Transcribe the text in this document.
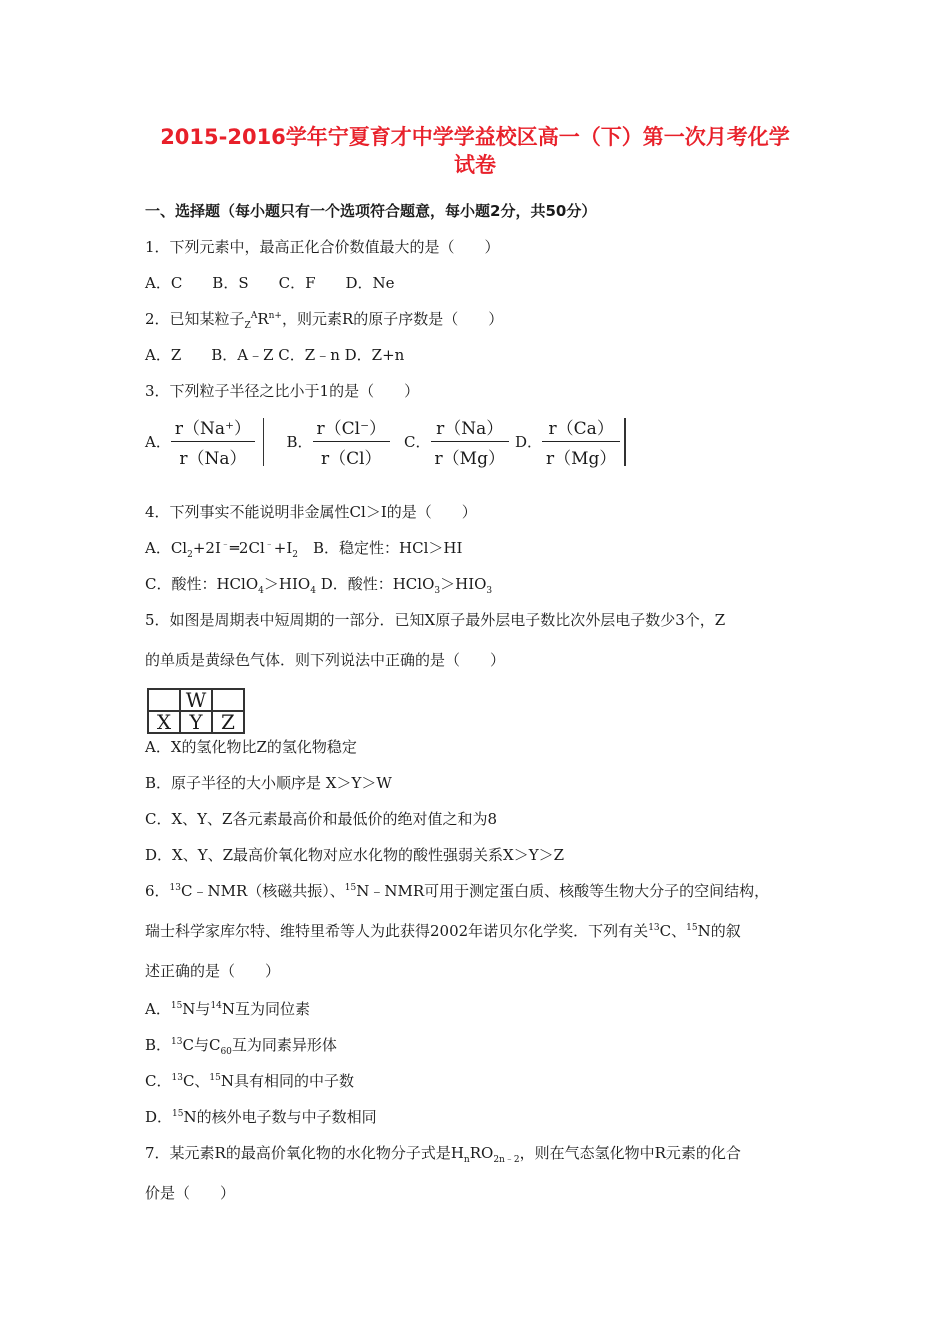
2015-2016学年宁夏育才中学学益校区高一（下）第一次月考化学
试卷
一、选择题（每小题只有一个选项符合题意，每小题2分，共50分）
1．下列元素中，最高正化合价数值最大的是（　　）
A．C　　B．S　　C．F　　D．Ne
2．已知某粒子$_Z^AR^{n+}$，则元素R的原子序数是（　　）
A．Z　　B．A﹣Z C．Z﹣n D．Z+n
3．下列粒子半径之比小于1的是（　　）
A． $\frac{r(Na^+)}{r(Na)}$ B． $\frac{r(Cl^-)}{r(Cl)}$ C． $\frac{r(Na)}{r(Mg)}$ D． $\frac{r(Ca)}{r(Mg)}$
4．下列事实不能说明非金属性Cl＞I的是（　　）
A．$Cl_2+2I^﹣═2Cl^﹣+I_2$　 B．稳定性：HCl＞HI
C．酸性：$HClO_4>HIO_4$ D．酸性：$HClO_3>HIO_3$
5．如图是周期表中短周期的一部分．已知X原子最外层电子数比次外层电子数少3个，Z
的单质是黄绿色气体．则下列说法中正确的是（　　）
	W	
X	Y	Z
A．X的氢化物比Z的氢化物稳定
B．原子半径的大小顺序是 X＞Y＞W
C．X、Y、Z各元素最高价和最低价的绝对值之和为8
D．X、Y、Z最高价氧化物对应水化物的酸性强弱关系X＞Y＞Z
6．$^{13}$C﹣NMR（核磁共振）、$^{15}$N﹣NMR可用于测定蛋白质、核酸等生物大分子的空间结构，
瑞士科学家库尔特、维特里希等人为此获得2002年诺贝尔化学奖．下列有关$^{13}$C、$^{15}$N的叙
述正确的是（　　）
A．$^{15}$N与$^{14}$N互为同位素
B．$^{13}$C与$C_{60}$互为同素异形体
C．$^{13}$C、$^{15}$N具有相同的中子数
D．$^{15}$N的核外电子数与中子数相同
7．某元素R的最高价氧化物的水化物分子式是$H_nRO_{2n﹣2}$，则在气态氢化物中R元素的化合
价是（　　）
